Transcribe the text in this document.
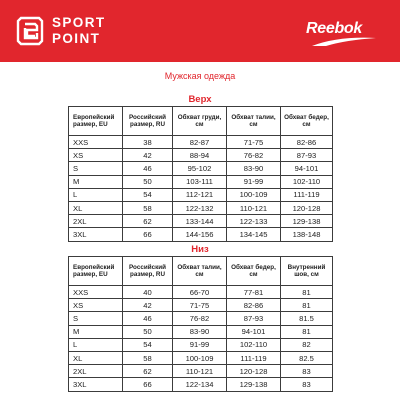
SPORT
POINT
Reebok
Мужская одежда
Верх
Европейский размер, EU	Российский размер, RU	Обхват груди, см	Обхват талии, см	Обхват бедер, см
XXS	38	82-87	71-75	82-86
XS	42	88-94	76-82	87-93
S	46	95-102	83-90	94-101
M	50	103-111	91-99	102-110
L	54	112-121	100-109	111-119
XL	58	122-132	110-121	120-128
2XL	62	133-144	122-133	129-138
3XL	66	144-156	134-145	138-148
Низ
Европейский размер, EU	Российский размер, RU	Обхват талии, см	Обхват бедер, см	Внутренний шов, см
XXS	40	66-70	77-81	81
XS	42	71-75	82-86	81
S	46	76-82	87-93	81.5
M	50	83-90	94-101	81
L	54	91-99	102-110	82
XL	58	100-109	111-119	82.5
2XL	62	110-121	120-128	83
3XL	66	122-134	129-138	83
